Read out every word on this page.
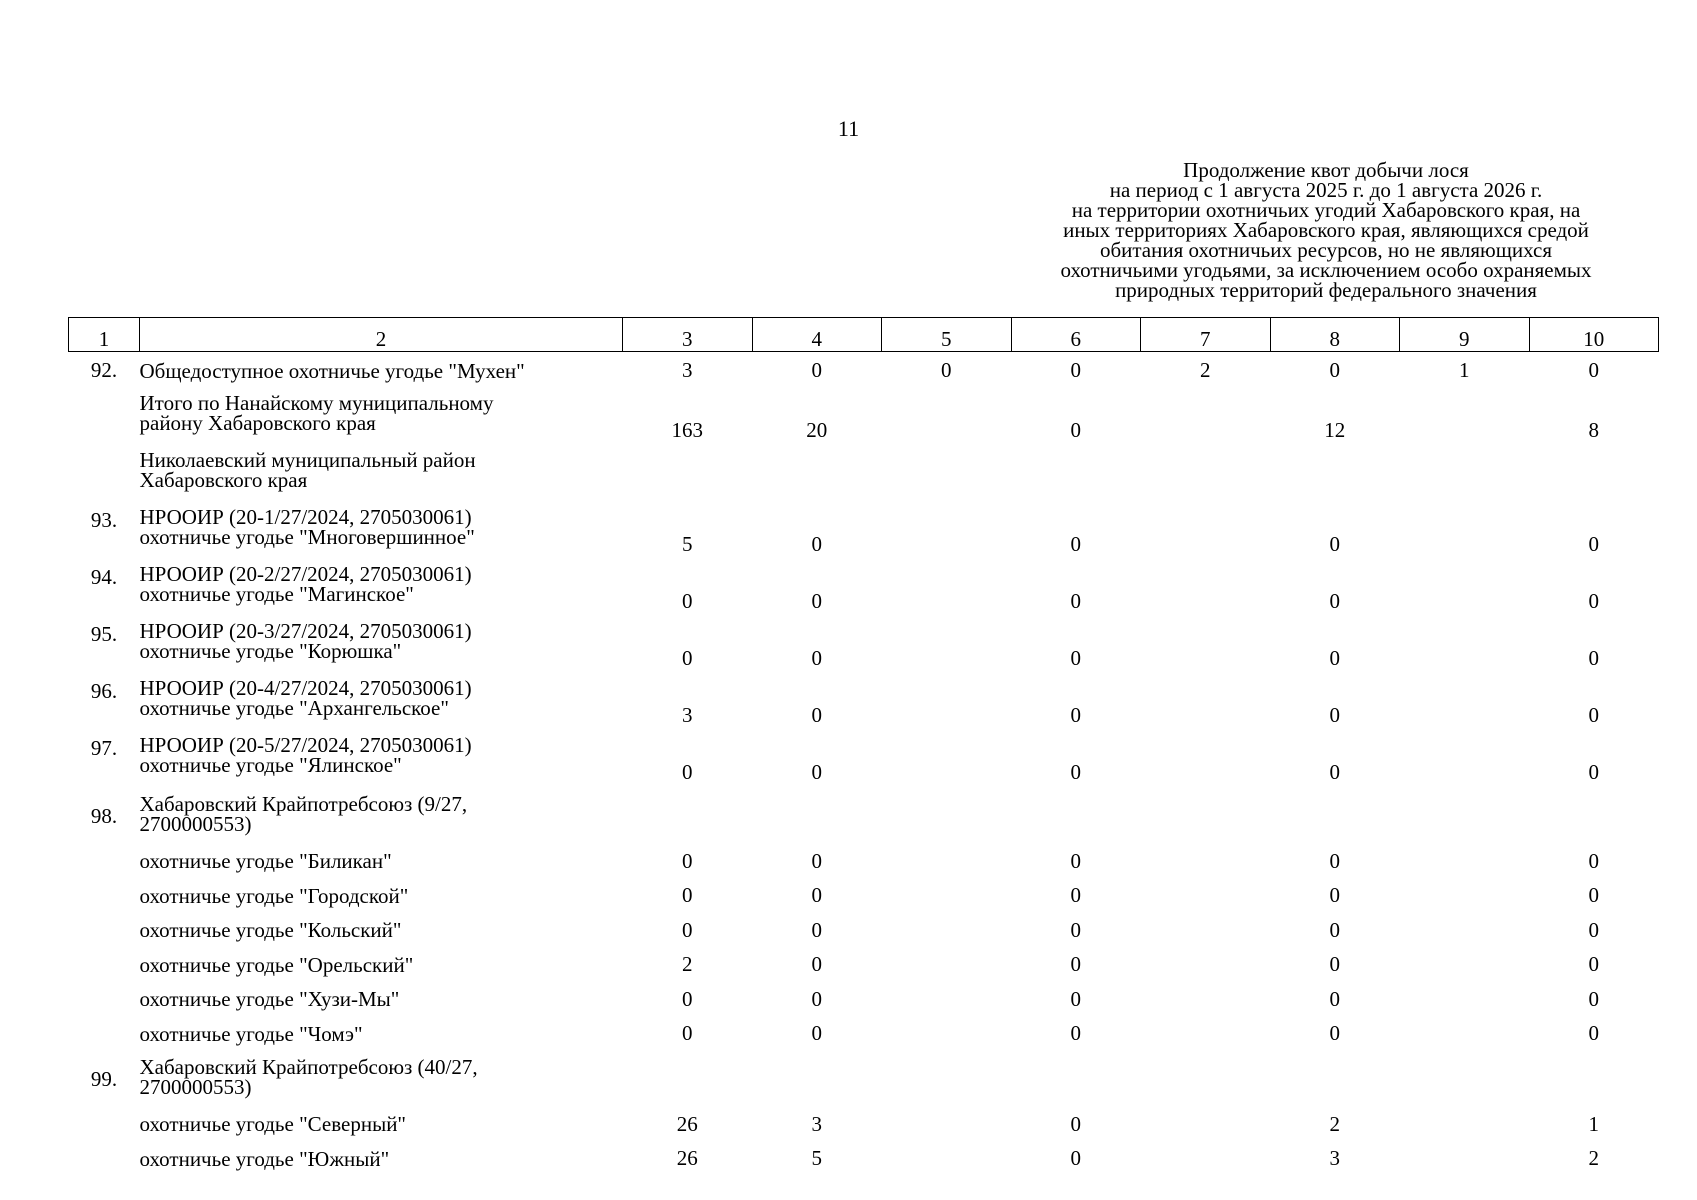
11
Продолжение квот добычи лося
на период с 1 августа 2025 г. до 1 августа 2026 г.
на территории охотничьих угодий Хабаровского края, на
иных территориях Хабаровского края, являющихся средой
обитания охотничьих ресурсов, но не являющихся
охотничьими угодьями, за исключением особо охраняемых
природных территорий федерального значения
1	2	3	4	5	6	7	8	9	10
92.	Общедоступное охотничье угодье "Мухен"	3	0	0	0	2	0	1	0

	Итого по Нанайскому муниципальному
району Хабаровского края	163	20		0		12		8

	Николаевский муниципальный район
Хабаровского края								

93.	НРООИР (20-1/27/2024, 2705030061)
охотничье угодье "Многовершинное"	5	0		0		0		0
94.	НРООИР (20-2/27/2024, 2705030061)
охотничье угодье "Магинское"	0	0		0		0		0
95.	НРООИР (20-3/27/2024, 2705030061)
охотничье угодье "Корюшка"	0	0		0		0		0
96.	НРООИР (20-4/27/2024, 2705030061)
охотничье угодье "Архангельское"	3	0		0		0		0
97.	НРООИР (20-5/27/2024, 2705030061)
охотничье угодье "Ялинское"	0	0		0		0		0
98.	Хабаровский Крайпотребсоюз (9/27,
2700000553)								

	охотничье угодье "Биликан"	0	0		0		0		0
	охотничье угодье "Городской"	0	0		0		0		0
	охотничье угодье "Кольский"	0	0		0		0		0
	охотничье угодье "Орельский"	2	0		0		0		0
	охотничье угодье "Хузи-Мы"	0	0		0		0		0
	охотничье угодье "Чомэ"	0	0		0		0		0
99.	Хабаровский Крайпотребсоюз (40/27,
2700000553)								

	охотничье угодье "Северный"	26	3		0		2		1
	охотничье угодье "Южный"	26	5		0		3		2
